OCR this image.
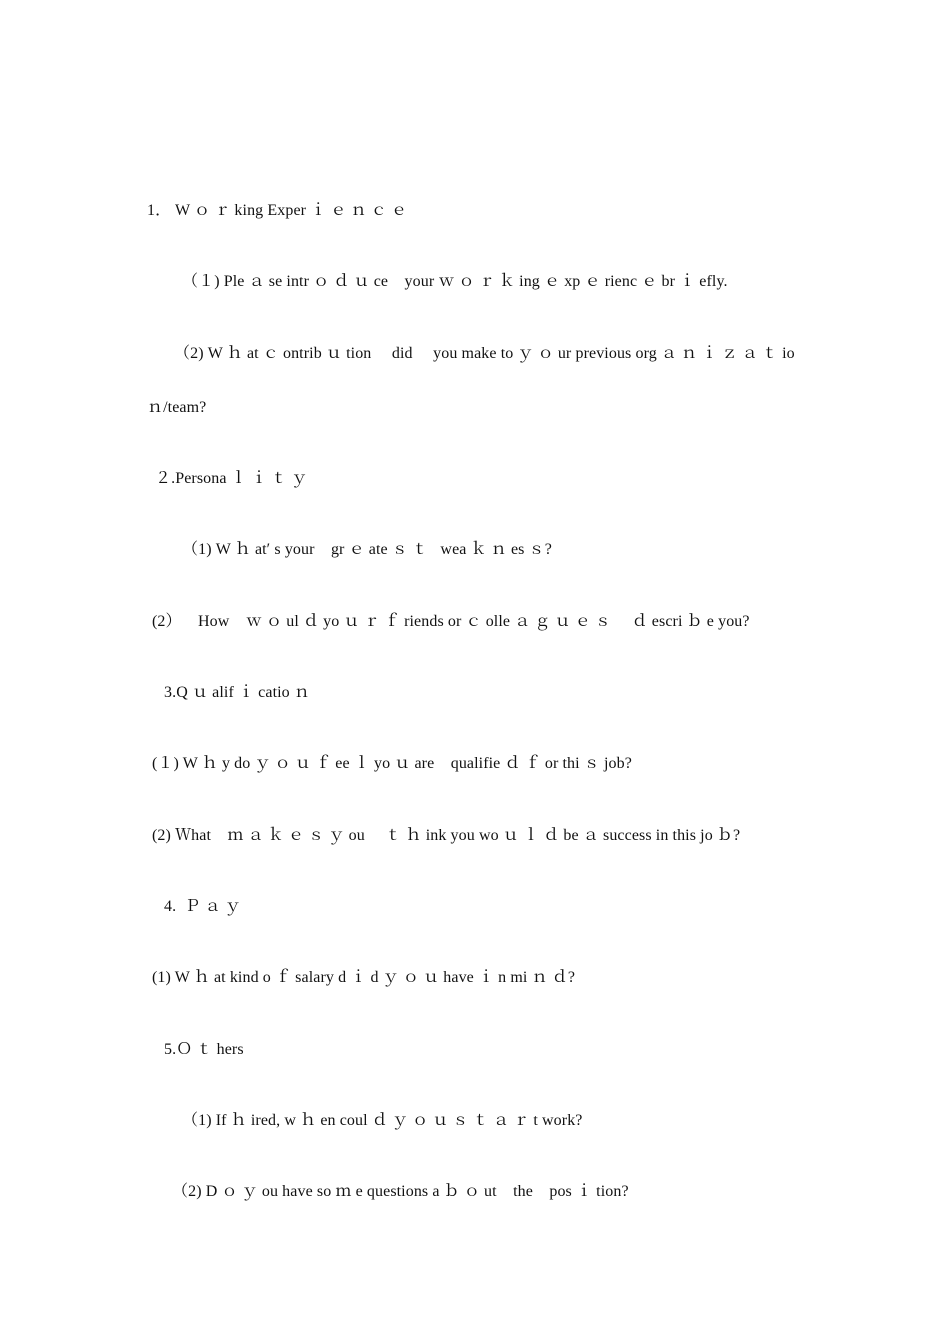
1． W ｏ ｒ king Exper ｉ ｅ ｎ ｃ ｅ
（１) Ple ａ se intr ｏ ｄ ｕ ce    your ｗ ｏ ｒ ｋ ing ｅ xp ｅ rienc ｅ br ｉ efly.
（2) W ｈ at ｃ ontrib ｕ tion     did     you make to ｙ ｏ ur previous org ａ ｎ ｉ ｚ ａ ｔ io
ｎ/team?
２.Persona ｌ ｉ ｔ ｙ
（1) W ｈ at′ s your    gr ｅ ate ｓ ｔ   wea ｋ ｎ es ｓ?
(2）    How    ｗ ｏ ul ｄ yo ｕ ｒ ｆ riends or ｃ olle ａ ｇ ｕ ｅ ｓ     ｄ escri ｂ e you?
3.Q ｕ alif ｉ catio ｎ
(１) W ｈ y do ｙ ｏ ｕ ｆ ee ｌ yo ｕ are    qualifie ｄ ｆ or thi ｓ job?
(2) Ｗhat    ｍ ａ ｋ ｅ ｓ ｙ ou     ｔ ｈ ink you wo ｕ ｌ ｄ be ａ success in this jo ｂ?
4.  Ｐ ａ ｙ
(1) W ｈ at kind o ｆ salary d ｉ d ｙ ｏ ｕ have ｉ n mi ｎ ｄ?
5.Ｏ ｔ hers
（1) If ｈ ired, w ｈ en coul ｄ ｙ ｏ ｕ ｓ ｔ ａ ｒ t work?
（2) D ｏ ｙ ou have so ｍ e questions a ｂ ｏ ut    the    pos ｉ tion?
